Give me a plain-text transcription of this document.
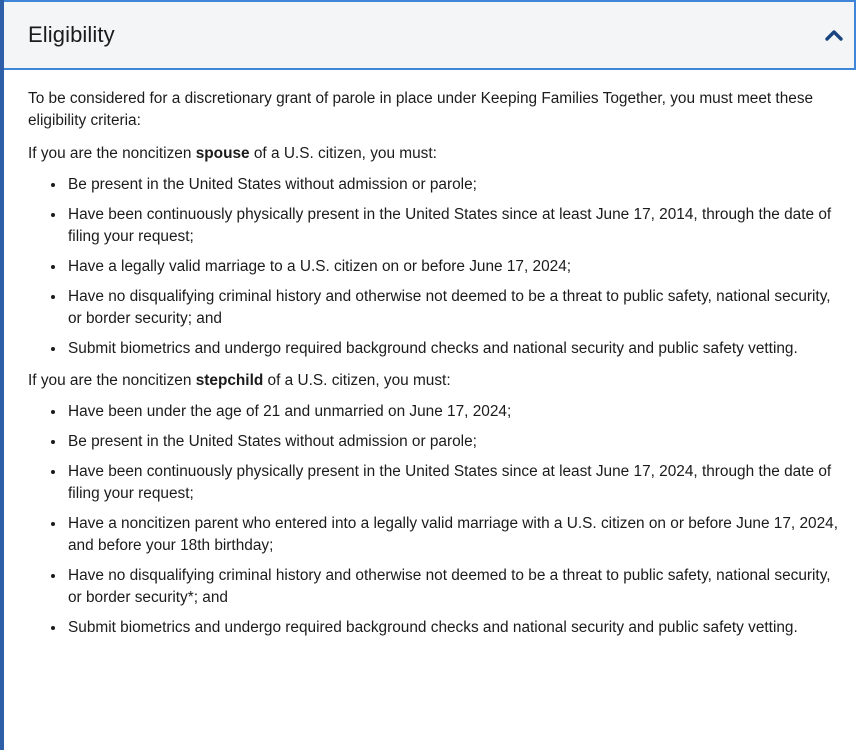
Eligibility

To be considered for a discretionary grant of parole in place under Keeping Families Together, you must meet these eligibility criteria:

If you are the noncitizen spouse of a U.S. citizen, you must:

• Be present in the United States without admission or parole;
• Have been continuously physically present in the United States since at least June 17, 2014, through the date of filing your request;
• Have a legally valid marriage to a U.S. citizen on or before June 17, 2024;
• Have no disqualifying criminal history and otherwise not deemed to be a threat to public safety, national security, or border security; and
• Submit biometrics and undergo required background checks and national security and public safety vetting.

If you are the noncitizen stepchild of a U.S. citizen, you must:

• Have been under the age of 21 and unmarried on June 17, 2024;
• Be present in the United States without admission or parole;
• Have been continuously physically present in the United States since at least June 17, 2024, through the date of filing your request;
• Have a noncitizen parent who entered into a legally valid marriage with a U.S. citizen on or before June 17, 2024, and before your 18th birthday;
• Have no disqualifying criminal history and otherwise not deemed to be a threat to public safety, national security, or border security*; and
• Submit biometrics and undergo required background checks and national security and public safety vetting.
